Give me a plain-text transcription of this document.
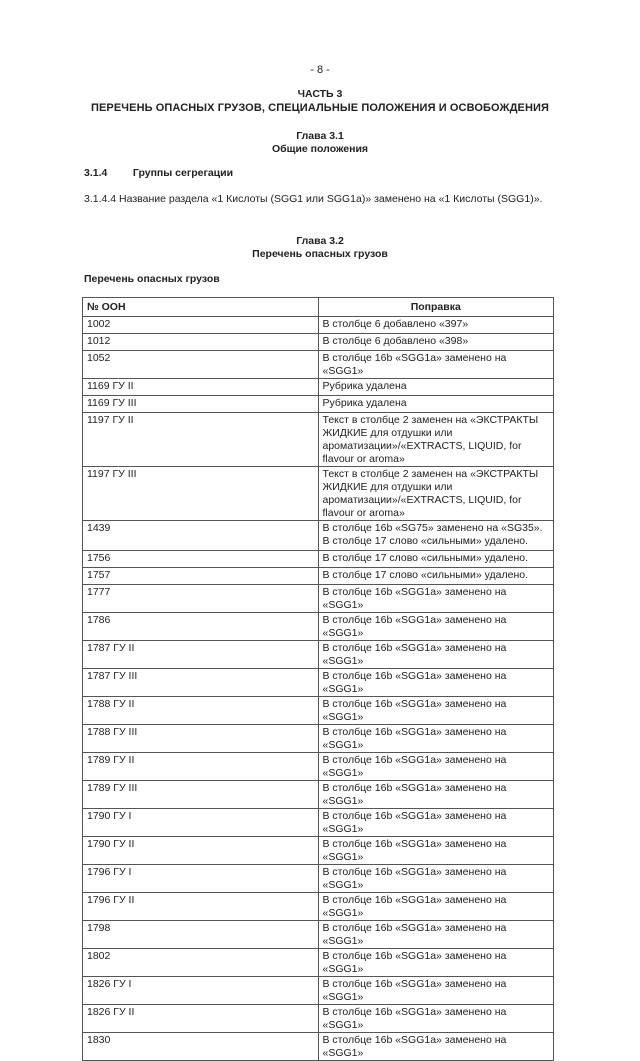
- 8 -
ЧАСТЬ 3
ПЕРЕЧЕНЬ ОПАСНЫХ ГРУЗОВ, СПЕЦИАЛЬНЫЕ ПОЛОЖЕНИЯ И ОСВОБОЖДЕНИЯ
Глава 3.1
Общие положения
3.1.4 Группы сегрегации
3.1.4.4 Название раздела «1 Кислоты (SGG1 или SGG1a)» заменено на «1 Кислоты (SGG1)».
Глава 3.2
Перечень опасных грузов
Перечень опасных грузов
№ ООН	Поправка
1002	В столбце 6 добавлено «397»
1012	В столбце 6 добавлено «398»
1052	В столбце 16b «SGG1a» заменено на «SGG1»
1169 ГУ II	Рубрика удалена
1169 ГУ III	Рубрика удалена
1197 ГУ II	Текст в столбце 2 заменен на «ЭКСТРАКТЫ ЖИДКИЕ для отдушки или ароматизации»/«EXTRACTS, LIQUID, for flavour or aroma»
1197 ГУ III	Текст в столбце 2 заменен на «ЭКСТРАКТЫ ЖИДКИЕ для отдушки или ароматизации»/«EXTRACTS, LIQUID, for flavour or aroma»
1439	В столбце 16b «SG75» заменено на «SG35». В столбце 17 слово «сильными» удалено.
1756	В столбце 17 слово «сильными» удалено.
1757	В столбце 17 слово «сильными» удалено.
1777	В столбце 16b «SGG1a» заменено на «SGG1»
1786	В столбце 16b «SGG1a» заменено на «SGG1»
1787 ГУ II	В столбце 16b «SGG1a» заменено на «SGG1»
1787 ГУ III	В столбце 16b «SGG1a» заменено на «SGG1»
1788 ГУ II	В столбце 16b «SGG1a» заменено на «SGG1»
1788 ГУ III	В столбце 16b «SGG1a» заменено на «SGG1»
1789 ГУ II	В столбце 16b «SGG1a» заменено на «SGG1»
1789 ГУ III	В столбце 16b «SGG1a» заменено на «SGG1»
1790 ГУ I	В столбце 16b «SGG1a» заменено на «SGG1»
1790 ГУ II	В столбце 16b «SGG1a» заменено на «SGG1»
1796 ГУ I	В столбце 16b «SGG1a» заменено на «SGG1»
1796 ГУ II	В столбце 16b «SGG1a» заменено на «SGG1»
1798	В столбце 16b «SGG1a» заменено на «SGG1»
1802	В столбце 16b «SGG1a» заменено на «SGG1»
1826 ГУ I	В столбце 16b «SGG1a» заменено на «SGG1»
1826 ГУ II	В столбце 16b «SGG1a» заменено на «SGG1»
1830	В столбце 16b «SGG1a» заменено на «SGG1»
